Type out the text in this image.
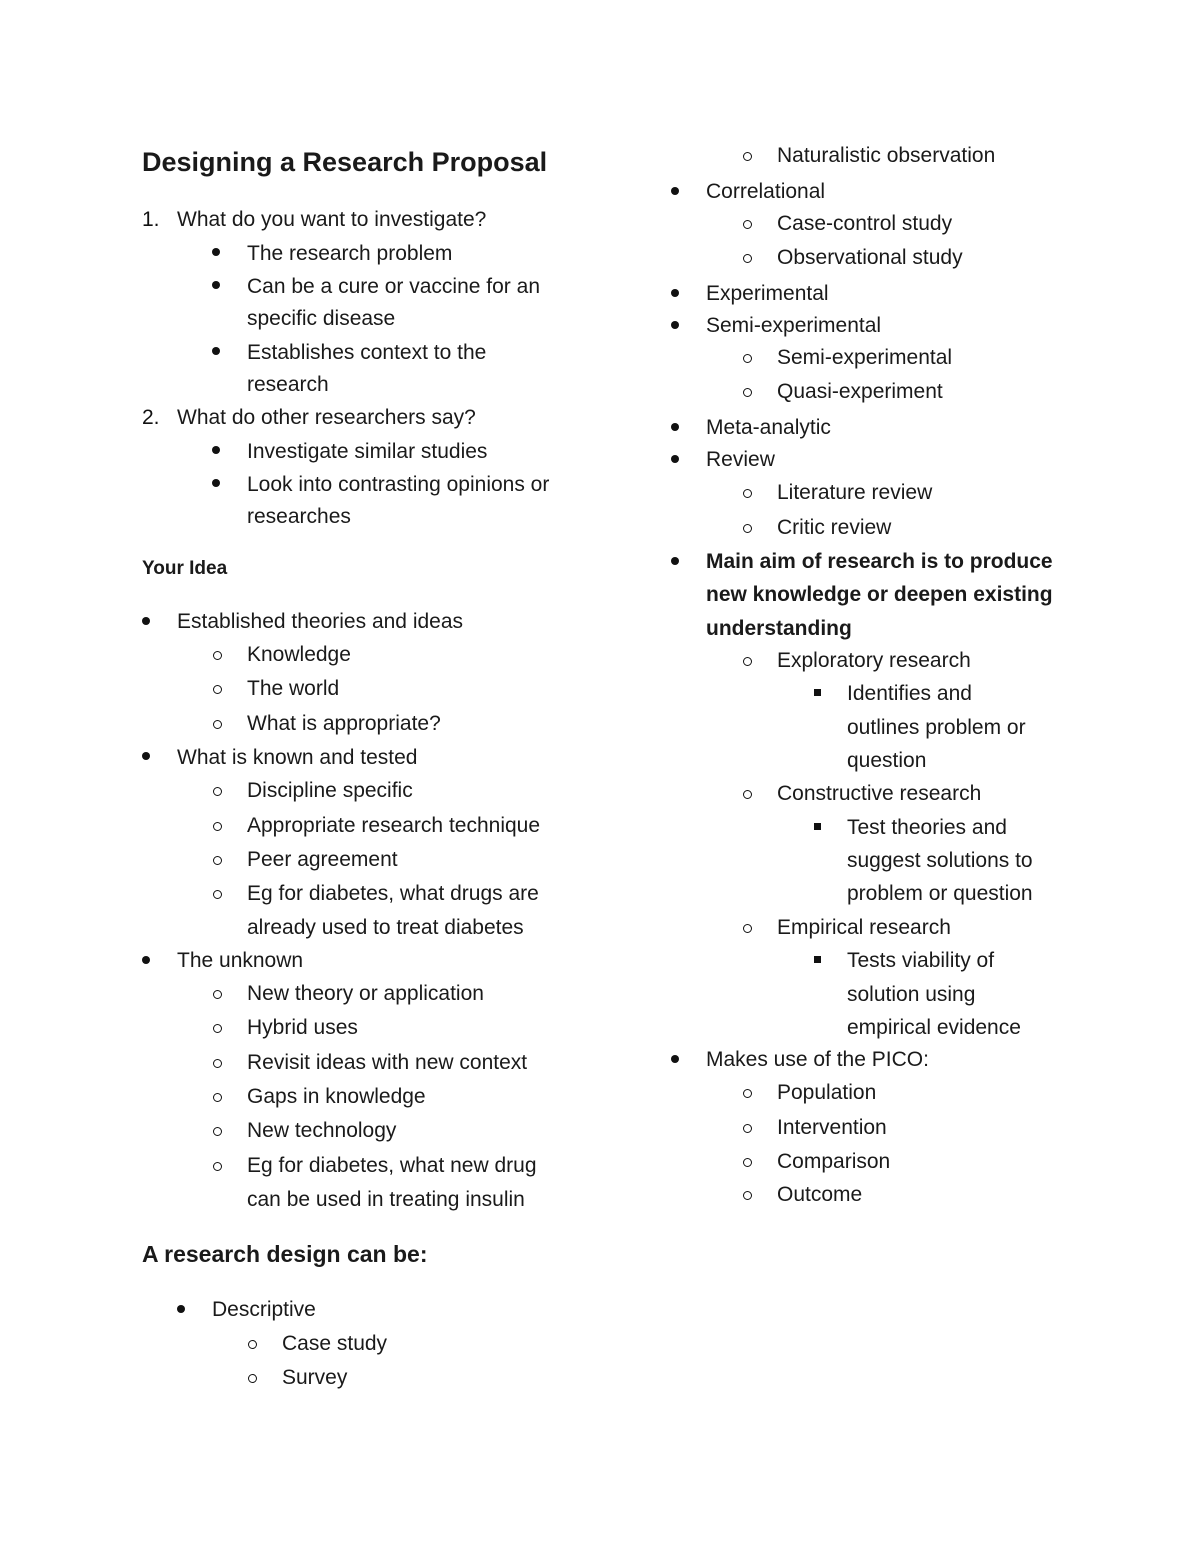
Designing a Research Proposal
1. What do you want to investigate?
The research problem
Can be a cure or vaccine for an
specific disease
Establishes context to the
research
2. What do other researchers say?
Investigate similar studies
Look into contrasting opinions or
researches
Your Idea
Established theories and ideas
Knowledge
The world
What is appropriate?
What is known and tested
Discipline specific
Appropriate research technique
Peer agreement
Eg for diabetes, what drugs are
already used to treat diabetes
The unknown
New theory or application
Hybrid uses
Revisit ideas with new context
Gaps in knowledge
New technology
Eg for diabetes, what new drug
can be used in treating insulin
A research design can be:
Descriptive
Case study
Survey
Naturalistic observation
Correlational
Case-control study
Observational study
Experimental
Semi-experimental
Semi-experimental
Quasi-experiment
Meta-analytic
Review
Literature review
Critic review
Main aim of research is to produce
new knowledge or deepen existing
understanding
Exploratory research
Identifies and
outlines problem or
question
Constructive research
Test theories and
suggest solutions to
problem or question
Empirical research
Tests viability of
solution using
empirical evidence
Makes use of the PICO:
Population
Intervention
Comparison
Outcome
